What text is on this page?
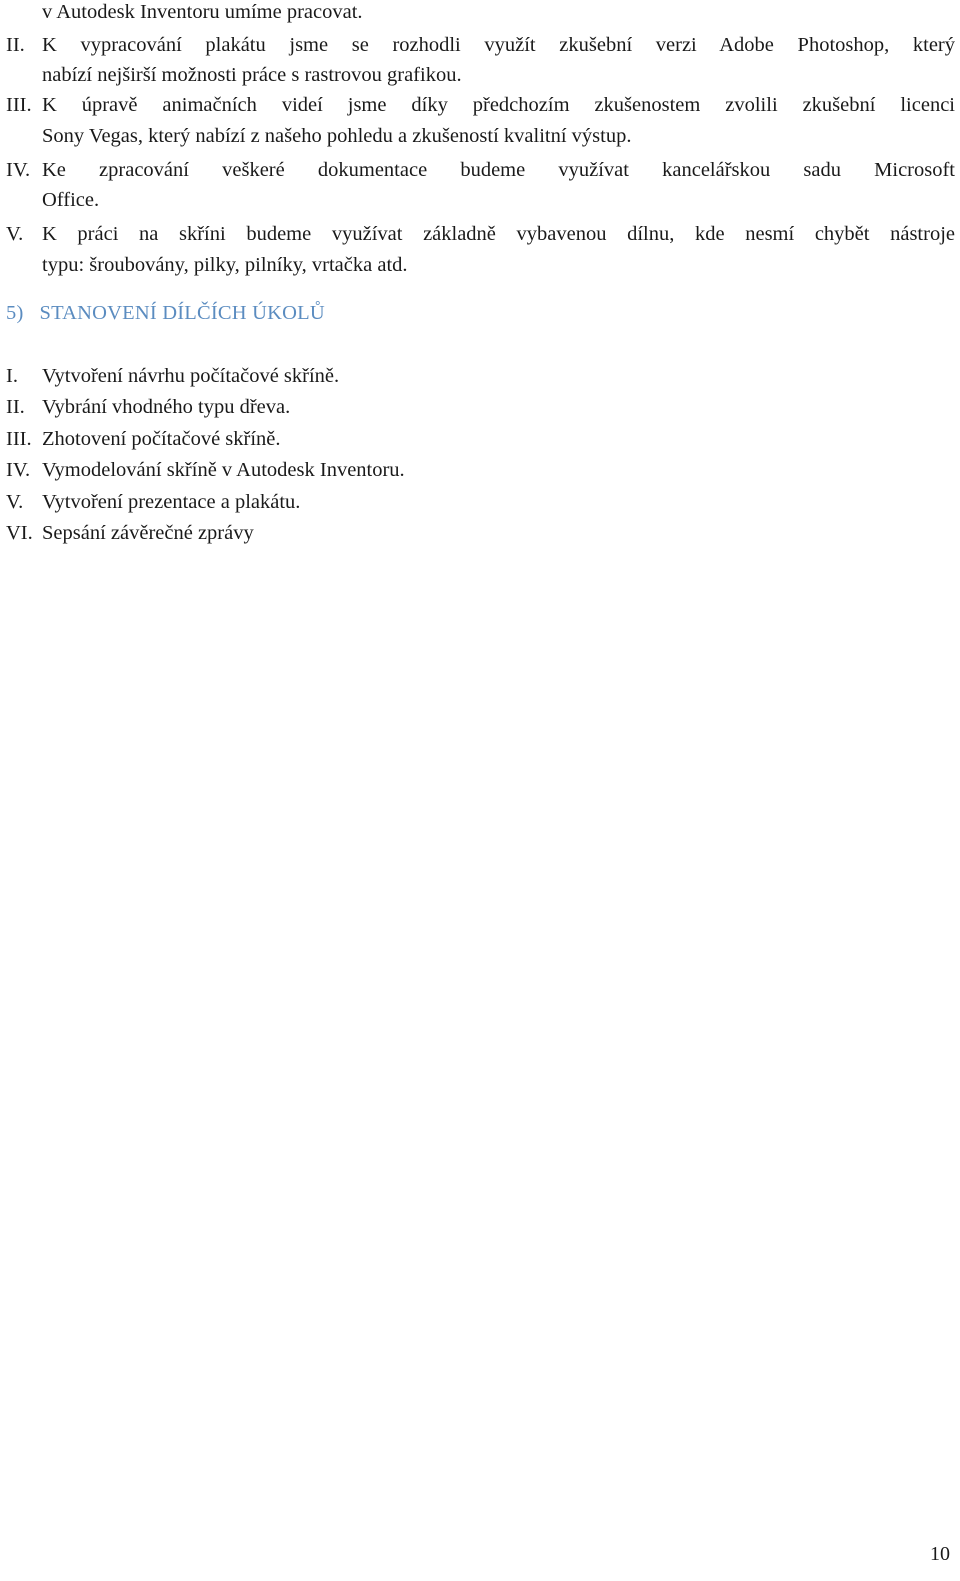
v Autodesk Inventoru umíme pracovat.
II. K vypracování plakátu jsme se rozhodli využít zkušební verzi Adobe Photoshop, který
nabízí nejširší možnosti práce s rastrovou grafikou.
III. K úpravě animačních videí jsme díky předchozím zkušenostem zvolili zkušební licenci
Sony Vegas, který nabízí z našeho pohledu a zkušeností kvalitní výstup.
IV. Ke zpracování veškeré dokumentace budeme využívat kancelářskou sadu Microsoft
Office.
V. K práci na skříni budeme využívat základně vybavenou dílnu, kde nesmí chybět nástroje
typu: šroubovány, pilky, pilníky, vrtačka atd.
5) STANOVENÍ DÍLČÍCH ÚKOLŮ
I. Vytvoření návrhu počítačové skříně.
II. Vybrání vhodného typu dřeva.
III. Zhotovení počítačové skříně.
IV. Vymodelování skříně v Autodesk Inventoru.
V. Vytvoření prezentace a plakátu.
VI. Sepsání závěrečné zprávy
10
